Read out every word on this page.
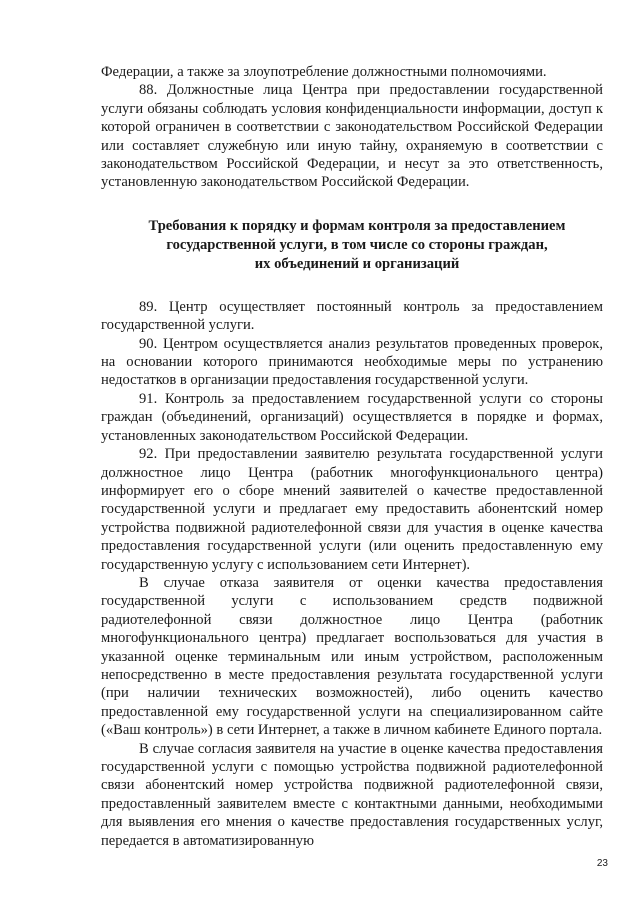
Федерации, а также за злоупотребление должностными полномочиями.

88. Должностные лица Центра при предоставлении государственной услуги обязаны соблюдать условия конфиденциальности информации, доступ к которой ограничен в соответствии с законодательством Российской Федерации или составляет служебную или иную тайну, охраняемую в соответствии с законодательством Российской Федерации, и несут за это ответственность, установленную законодательством Российской Федерации.

Требования к порядку и формам контроля за предоставлением
государственной услуги, в том числе со стороны граждан,
их объединений и организаций

89. Центр осуществляет постоянный контроль за предоставлением государственной услуги.

90. Центром осуществляется анализ результатов проведенных проверок, на основании которого принимаются необходимые меры по устранению недостатков в организации предоставления государственной услуги.

91. Контроль за предоставлением государственной услуги со стороны граждан (объединений, организаций) осуществляется в порядке и формах, установленных законодательством Российской Федерации.

92. При предоставлении заявителю результата государственной услуги должностное лицо Центра (работник многофункционального центра) информирует его о сборе мнений заявителей о качестве предоставленной государственной услуги и предлагает ему предоставить абонентский номер устройства подвижной радиотелефонной связи для участия в оценке качества предоставления государственной услуги (или оценить предоставленную ему государственную услугу с использованием сети Интернет).

В случае отказа заявителя от оценки качества предоставления государственной услуги с использованием средств подвижной радиотелефонной связи должностное лицо Центра (работник многофункционального центра) предлагает воспользоваться для участия в указанной оценке терминальным или иным устройством, расположенным непосредственно в месте предоставления результата государственной услуги (при наличии технических возможностей), либо оценить качество предоставленной ему государственной услуги на специализированном сайте («Ваш контроль») в сети Интернет, а также в личном кабинете Единого портала.

В случае согласия заявителя на участие в оценке качества предоставления государственной услуги с помощью устройства подвижной радиотелефонной связи абонентский номер устройства подвижной радиотелефонной связи, предоставленный заявителем вместе с контактными данными, необходимыми для выявления его мнения о качестве предоставления государственных услуг, передается в автоматизированную

23
